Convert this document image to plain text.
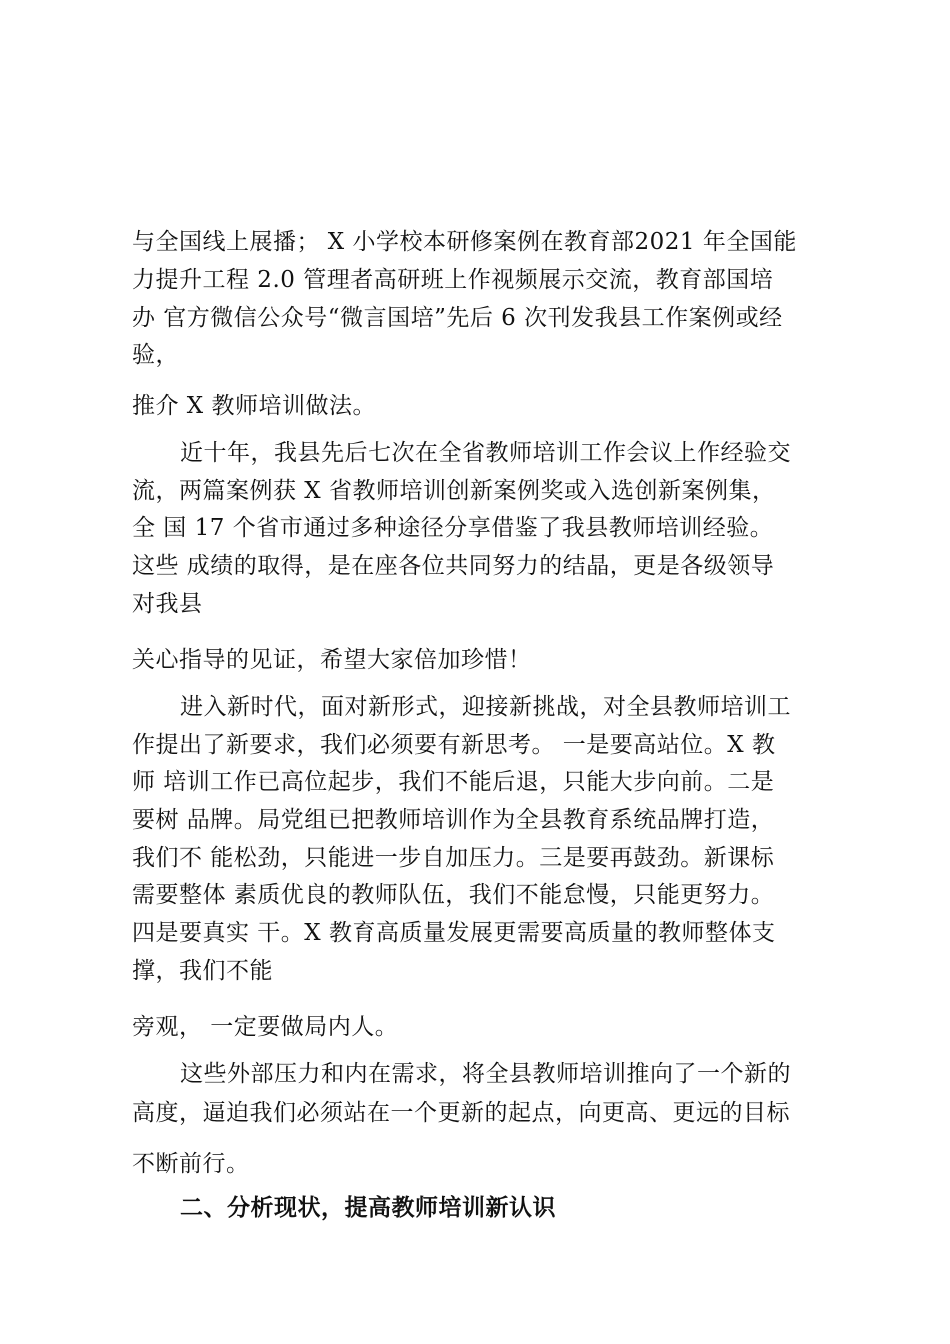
与全国线上展播； X 小学校本研修案例在教育部2021 年全国能
力提升工程 2.0 管理者高研班上作视频展示交流，教育部国培
办 官方微信公众号“微言国培”先后 6 次刊发我县工作案例或经
验，
推介 X 教师培训做法。
近十年，我县先后七次在全省教师培训工作会议上作经验交
流，两篇案例获 X 省教师培训创新案例奖或入选创新案例集，
全 国 17 个省市通过多种途径分享借鉴了我县教师培训经验。
这些 成绩的取得，是在座各位共同努力的结晶，更是各级领导
对我县
关心指导的见证，希望大家倍加珍惜！
进入新时代，面对新形式，迎接新挑战，对全县教师培训工
作提出了新要求，我们必须要有新思考。 一是要高站位。X 教
师 培训工作已高位起步，我们不能后退，只能大步向前。二是
要树 品牌。局党组已把教师培训作为全县教育系统品牌打造，
我们不 能松劲，只能进一步自加压力。三是要再鼓劲。新课标
需要整体 素质优良的教师队伍，我们不能怠慢，只能更努力。
四是要真实 干。X 教育高质量发展更需要高质量的教师整体支
撑，我们不能
旁观， 一定要做局内人。
这些外部压力和内在需求，将全县教师培训推向了一个新的
高度，逼迫我们必须站在一个更新的起点，向更高、更远的目标
不断前行。
二、分析现状，提高教师培训新认识
